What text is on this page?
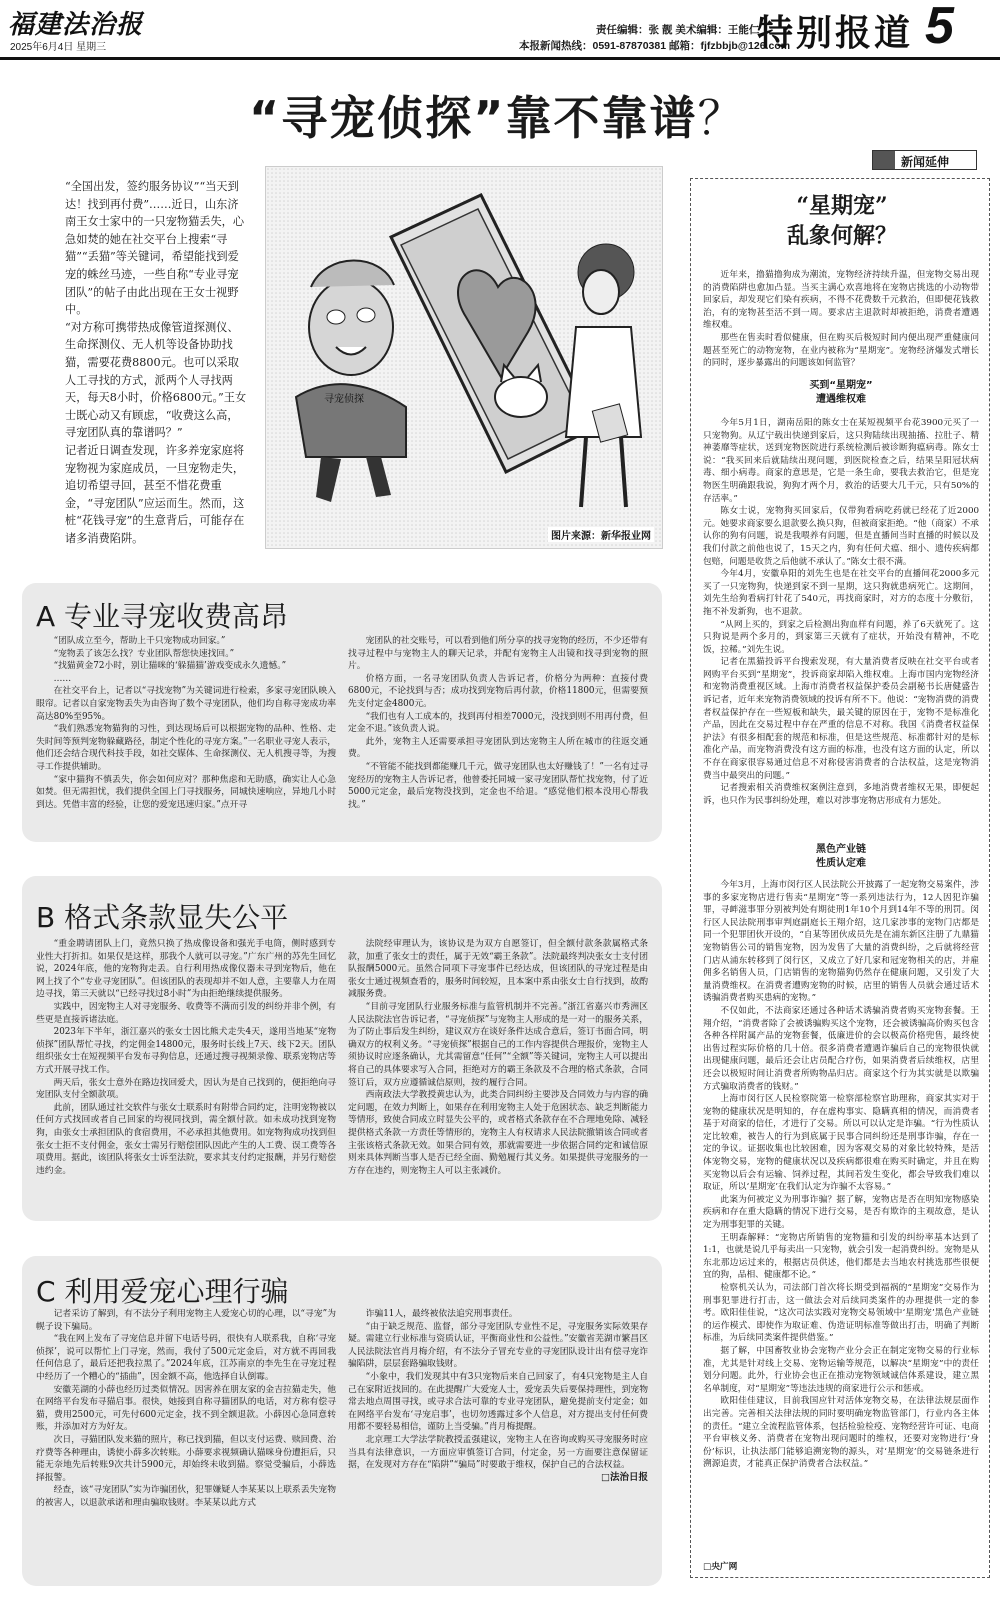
福建法治报
2025年6月4日 星期三
责任编辑：张 靓 美术编辑：王能仁
本报新闻热线：0591-87870381 邮箱：fjfzbbjb@126.com
特别报道 5
“寻宠侦探”靠不靠谱？
新闻延伸
“全国出发，签约服务协议”“当天到达！找到再付费”……近日，山东济南王女士家中的一只宠物猫丢失，心急如焚的她在社交平台上搜索“寻猫”“丢猫”等关键词，希望能找到爱宠的蛛丝马迹，一些自称“专业寻宠团队”的帖子由此出现在王女士视野中。
“对方称可携带热成像管道探测仪、生命探测仪、无人机等设备协助找猫，需要花费8800元。也可以采取人工寻找的方式，派两个人寻找两天，每天8小时，价格6800元。”王女士既心动又有顾虑，“收费这么高，寻宠团队真的靠谱吗？”
记者近日调查发现，许多养宠家庭将宠物视为家庭成员，一旦宠物走失，追切希望寻回，甚至不惜花费重金，“寻宠团队”应运而生。然而，这桩“花钱寻宠”的生意背后，可能存在诸多消费陷阱。
寻宠侦探
图片来源：新华报业网
A 专业寻宠收费高昂

“团队成立至今，帮助上千只宠物成功回家。”

“宠物丢了该怎么找？专业团队帮您快速找回。”

“找猫黄金72小时，别让猫咪的‘躲猫猫’游戏变成永久遗憾。”

……

在社交平台上，记者以“寻找宠物”为关键词进行检索，多家寻宠团队映入眼帘。记者以自家宠物丢失为由咨询了数个寻宠团队，他们均自称寻宠成功率高达80%至95%。

“我们熟悉宠物猫狗的习性，到达现场后可以根据宠物的品种、性格、走失时间等预判宠物躲藏路径，制定个性化的寻宠方案。”一名职业寻宠人表示，他们还会结合现代科技手段，如社交媒体、生命探测仪、无人机搜寻等，为搜寻工作提供辅助。

“家中猫狗不慎丢失，你会如何应对？那种焦虑和无助感，确实让人心急如焚。但无需担忧，我们提供全国上门寻找服务，同城快速响应，异地几小时到达。凭借丰富的经验，让您的爱宠迅速归家。”点开寻

宠团队的社交账号，可以看到他们所分享的找寻宠物的经历，不少还带有找寻过程中与宠物主人的聊天记录，并配有宠物主人出镜和找寻到宠物的照片。

价格方面，一名寻宠团队负责人告诉记者，价格分为两种：直接付费6800元，不论找到与否；成功找到宠物后再付款，价格11800元，但需要预先支付定金4800元。

“我们也有人工成本的，找到再付相差7000元，没找到则不用再付费，但定金不退。”该负责人说。

此外，宠物主人还需要承担寻宠团队到达宠物主人所在城市的往返交通费。

“不管能不能找到都能赚几千元，做寻宠团队也太好赚钱了！”一名有过寻宠经历的宠物主人告诉记者，他曾委托同城一家寻宠团队帮忙找宠物，付了近5000元定金，最后宠物没找到，定金也不给退。“感觉他们根本没用心帮我找。”

B 格式条款显失公平

“重金聘请团队上门，竟然只换了热成像设备和强光手电筒，侧时感到专业性大打折扣。如果仅是这样，那我个人就可以寻宠。”广东广州的苏先生回忆说，2024年底，他的宠物狗走丢。自行利用热成像仪器未寻到宠物后，他在网上找了个“专业寻宠团队”。但该团队的表现却并不如人意，主要靠人力在周边寻找，第三天就以“已经寻找过8小时”为由拒绝继续提供服务。

实践中，因宠物主人对寻宠服务、收费等不满而引发的纠纷并非个例，有些更是直接诉诸法庭。

2023年下半年，浙江嘉兴的张女士因比熊犬走失4天，遂用当地某“宠物侦探”团队帮忙寻找，约定佣金14800元，服务时长线上7天、线下2天。团队组织张女士在短视频平台发布寻狗信息，还通过搜寻视频录像、联系宠物店等方式开展寻找工作。

两天后，张女士意外在路边找回爱犬，因认为是自己找到的，便拒绝向寻宠团队支付全额款项。

此前，团队通过社交软件与张女士联系时有附带合同约定，注明宠物被以任何方式找回或者自己回家的均视同找到，需全额付款。如未成功找到宠物狗，由张女士承担团队的食宿费用，不必承担其他费用。如宠物狗成功找到但张女士拒不支付佣金，张女士需另行赔偿团队因此产生的人工费、误工费等各项费用。据此，该团队将张女士诉至法院，要求其支付约定报酬，并另行赔偿违约金。

法院经审理认为，该协议是为双方自愿签订，但全额付款条款属格式条款，加重了张女士的责任，属于无效“霸王条款”。法院最终判决张女士支付团队报酬5000元。虽然合同项下寻宠事件已经达成，但该团队的寻宠过程是由张女士通过视频查看的，服务时间较短，且本案中系由张女士自行找到，故酌减服务费。

“目前寻宠团队行业服务标准与监管机制并不完善。”浙江省嘉兴市秀洲区人民法院法官告诉记者，“寻宠侦探”与宠物主人形成的是一对一的服务关系，为了防止事后发生纠纷，建议双方在谈好条件达成合意后，签订书面合同，明确双方的权利义务。“寻宠侦探”根据自己的工作内容提供合理报价，宠物主人须协议时应逐条确认，尤其需留意“任何”“全额”等关键词，宠物主人可以提出将自己的具体要求写入合同，拒绝对方的霸王条款及不合理的格式条款，合同签订后，双方应遵循诚信原则，按约履行合同。

西南政法大学教授黄忠认为，此类合同纠纷主要涉及合同效力与内容的确定问题，在效力判断上，如果存在利用宠物主人处于危困状态、缺乏判断能力等情形，致使合同成立时显失公平的，或者格式条款存在不合理地免除、减轻提供格式条款一方责任等情形的，宠物主人有权请求人民法院撤销该合同或者主张该格式条款无效。如果合同有效，那就需要进一步依据合同约定和诚信原则来具体判断当事人是否已经全面、勤勉履行其义务。如果提供寻宠服务的一方存在违约，则宠物主人可以主张减价。

C 利用爱宠心理行骗

记者采访了解到，有不法分子利用宠物主人爱宠心切的心理，以“寻宠”为幌子设下骗局。

“我在网上发布了寻宠信息并留下电话号码，很快有人联系我，自称‘寻宠侦探’，说可以帮忙上门寻宠，然而，我付了500元定金后，对方就不再回我任何信息了，最后还把我拉黑了。”2024年底，江苏南京的李先生在寻宠过程中经历了一个糟心的“插曲”，因金额不高，他选择自认倒霉。

安徽芜湖的小薛也经历过类似情况。因害养在朋友家的金吉拉猫走失，他在网络平台发布寻猫启事。很快，她接到自称寻猫团队的电话，对方称有偿寻猫，费用2500元，可先付600元定金，找不到全额退款。小薛因心急同意转账，并添加对方为好友。

次日，寻猫团队发来猫的照片，称已找到猫，但以支付运费、赎回费、治疗费等各种理由，诱使小薛多次转账。小薛要求视频确认猫咪身份遭拒后，只能无奈地先后转账9次共计5900元，却始终未收到猫。察觉受骗后，小薛选择报警。

经查，该“寻宠团队”实为诈骗团伙，犯罪嫌疑人李某某以上联系丢失宠物的被害人，以退款承诺和理由骗取钱财。李某某以此方式

诈骗11人，最终被依法追究刑事责任。

“由于缺乏规范、监督，部分寻宠团队专业性不足，寻宠服务实际效果存疑。需建立行业标准与资质认证，平衡商业性和公益性。”安徽省芜湖市繁昌区人民法院法官肖月梅介绍，有不法分子冒充专业的寻宠团队设计出有偿寻宠诈骗陷阱，层层套路骗取钱财。

“小象中，我们发现其中有3只宠物后来自己回家了，有4只宠物是主人自己在家附近找回的。在此提醒广大爱宠人士，爱宠丢失后要保持理性，到宠物常去地点周围寻找，或寻求合法可靠的专业寻宠团队，避免提前支付定金；如在网络平台发布‘寻宠启事’，也切勿透露过多个人信息，对方提出支付任何费用都不要轻易相信，谨防上当受骗。”肖月梅提醒。

北京理工大学法学院教授孟强建议，宠物主人在咨询或购买寻宠服务时应当具有法律意识，一方面应审慎签订合同，付定金，另一方面要注意保留证据，在发现对方存在“陷阱”“骗局”时要敢于维权，保护自己的合法权益。

□法治日报
“星期宠”
乱象何解？

近年来，撸猫撸狗成为潮流，宠物经济持续升温，但宠物交易出现的消费陷阱也愈加凸显。当买主满心欢喜地将在宠物店挑选的小动物带回家后，却发现它们染有疾病，不得不花费数千元救治，但即便花钱救治，有的宠物甚至活不到一周。要求店主退款时却被拒绝，消费者遭遇维权难。

那些在售卖时看似健康，但在购买后极短时间内便出现严重健康问题甚至死亡的动物宠物，在业内被称为“星期宠”。宠物经济爆发式增长的同时，逐步暴露出的问题该如何监管？

买到“星期宠”
遭遇维权难

今年5月1日，湖南岳阳的陈女士在某短视频平台花3900元买了一只宠物狗。从辽宁载出快递到家后，这只狗陆续出现抽搐、拉肚子、精神萎靡等症状，送到宠物医院进行系统检测后被诊断狗瘟病毒。陈女士说：“我买回来后就陆续出现问题，到医院检查之后，结果呈阳冠状病毒、细小病毒。商家的意思是，它是一条生命，要我去救治它，但是宠物医生明确跟我说，狗狗才两个月，救治的话要大几千元，只有50%的存活率。”

陈女士说，宠物狗买回家后，仅带狗看病吃药就已经花了近2000元。她要求商家要么退款要么换只狗，但被商家拒绝。“他（商家）不承认你的狗有问题，说是我喂养有问题，但是直播间当时直播的时候以及我们付款之前他也说了，15天之内，狗有任何犬瘟、细小、遗传疾病都包赔，问题是收货之后他就不承认了。”陈女士很不满。

今年4月，安徽阜阳的刘先生也是在社交平台的直播间花2000多元买了一只宠物狗，快递到家不到一星期，这只狗就患病死亡。这期间，刘先生给狗看病打针花了540元，再找商家时，对方的态度十分敷衍，拖不补发新狗，也不退款。

“从网上买的，到家之后检测出狗血样有问题，养了6天就死了。这只狗说是两个多月的，到家第三天就有了症状，开始没有精神，不吃饭，拉稀。”刘先生说。

记者在黑猫投诉平台搜索发现，有大量消费者反映在社交平台或者网购平台买到“星期宠”，投诉商家却陷入维权难。上海市国内宠物经济和宠物消费重视区域。上海市消费者权益保护委员会副秘书长唐健盛告诉记者，近年来宠物消费领域的投诉有所不下。他说：“宠物消费的消费者权益保护存在一些短板和缺失，最关键的原因在于，宠物不是标准化产品，因此在交易过程中存在严重的信息不对称。我国《消费者权益保护法》有很多相配套的规范和标准，但是这些规范、标准都针对的是标准化产品，而宠物消费没有这方面的标准，也没有这方面的认定，所以不存在商家很容易通过信息不对称侵害消费者的合法权益，这是宠物消费当中最突出的问题。”

记者搜索相关消费维权案例注意到，多地消费者维权无果，即便起诉，也只作为民事纠纷处理，难以对涉事宠物店形成有力惩处。

黑色产业链
性质认定难

今年3月，上海市闵行区人民法院公开披露了一起宠物交易案件，涉事的多家宠物店进行售卖“星期宠”等一系列违法行为，12人因犯诈骗罪，寻衅滋事罪分别被判处有期徒刑1年10个月到14年不等的刑罚。闵行区人民法院刑事审判庭副庭长王翔介绍，这几家涉事的宠物门店都是同一个犯罪团伙开设的，“自某等团伙成员先是在浦东新区注册了九鼎猫宠物销售公司的销售宠物，因为发售了大量的消费纠纷，之后就将经营门店从浦东转移到了闵行区，又成立了好几家和冠宠物相关的店，并雇佣多名销售人员，门店销售的宠物猫狗仍然存在健康问题，又引发了大量消费维权。在消费者遭购宠物的时候，店里的销售人员就会通过话术诱骗消费者购买患病的宠物。”

不仅如此，不法商家还通过各种话术诱骗消费者购买宠物套餐。王翔介绍，“消费者除了会被诱骗购买这个宠物，还会被诱骗高价购买包含各种各样附属产品的宠物套餐，低廉进价的会以极高价格兜售，最终使出售过程实际价格的几十倍。很多消费者遭遇诈骗后自己的宠物很快就出现健康问题，最后还会让店员配合疗伤，如果消费者后续维权，店里还会以极短时间让消费者所购物品归店。商家这个行为其实就是以欺骗方式骗取消费者的钱财。”

上海市闵行区人民检察院第一检察部检察官助理称，商家其实对于宠物的健康状况是明知的，存在虚构事实、隐瞒真相的情况，而消费者基于对商家的信任，才进行了交易。所以可以认定是诈骗。“行为性质认定比较难，被告人的行为到底属于民事合同纠纷还是刑事诈骗，存在一定的争议。证据收集也比较困难，因为客观交易的对象比较特殊，是活体宠物交易，宠物的健康状况以及疾病都很难在购买时确定，并且在购买宠物以后会有运输、饲养过程，其间若发生变化，都会导致我们难以取证，所以‘星期宠’在我们认定为诈骗不太容易。”

此案为何被定义为刑事诈骗？据了解，宠物店是否在明知宠物感染疾病和存在重大隐瞒的情况下进行交易，是否有欺诈的主观故意，是认定为刑事犯罪的关键。

王明森解释：“宠物店所销售的宠物猫和引发的纠纷率基本达到了1:1，也就是说几乎每卖出一只宠物，就会引发一起消费纠纷。宠物是从东北那边运过来的，根据店员供述，他们都是去当地农村挑选那些很便宜的狗，品相、健康都不论。”

检察机关认为，司法部门首次将长期受到福祸的“星期宠”交易作为刑事犯罪进行打击，这一做法会对后续同类案件的办理提供一定的参考。欧阳佳佳说，“这次司法实践对宠物交易领域中‘星期宠’黑色产业链的运作模式、即使作为取证难、伪造证明标准等做出打击，明确了判断标准，为后续同类案件提供借鉴。”

据了解，中国畜牧业协会宠物产业分会正在制定宠物交易的行业标准，尤其是针对线上交易、宠物运输等规范，以解决“星期宠”中的责任划分问题。此外，行业协会也正在推动宠物领域诚信体系建设，建立黑名单制度，对“星期宠”等违法违规的商家进行公示和惩戒。

欧阳佳佳建议，目前我国应针对活体宠物交易，在法律法规层面作出完善。完善相关法律法规的同时要明确宠物监管部门，行业内各主体的责任。“建立全流程监管体系，包括检验检疫、宠物经营许可证、电商平台审核义务、消费者在宠物出现问题时的维权，还要对宠物进行‘身份’标识，让执法部门能够追溯宠物的源头，对‘星期宠’的交易链条进行溯源追责，才能真正保护消费者合法权益。”

□央广网
